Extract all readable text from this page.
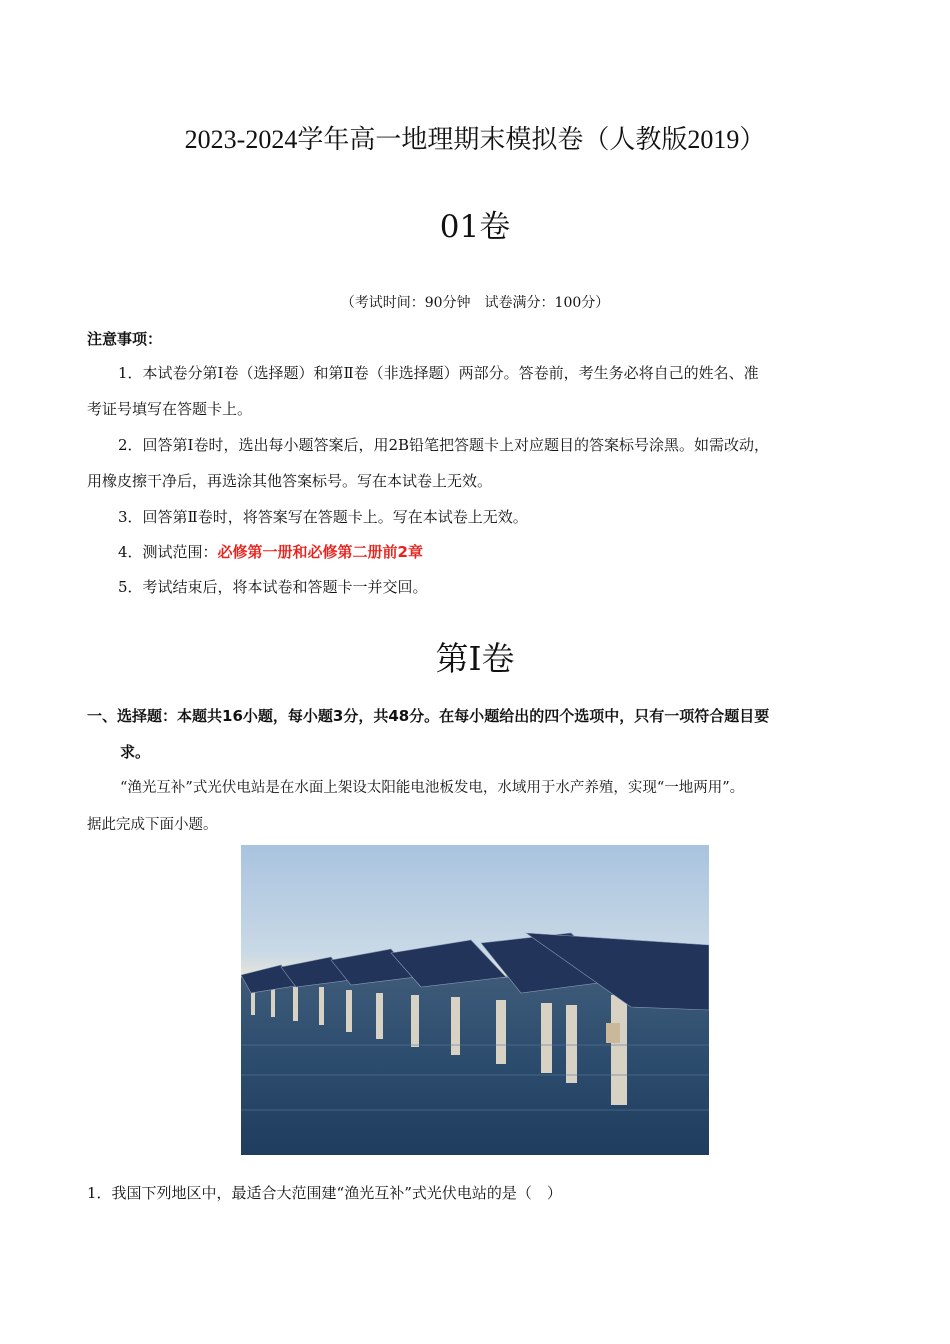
2023-2024学年高一地理期末模拟卷（人教版2019）
01卷
（考试时间：90分钟　试卷满分：100分）
注意事项：
1．本试卷分第Ⅰ卷（选择题）和第Ⅱ卷（非选择题）两部分。答卷前，考生务必将自己的姓名、准
考证号填写在答题卡上。
2．回答第Ⅰ卷时，选出每小题答案后，用2B铅笔把答题卡上对应题目的答案标号涂黑。如需改动，
用橡皮擦干净后，再选涂其他答案标号。写在本试卷上无效。
3．回答第Ⅱ卷时，将答案写在答题卡上。写在本试卷上无效。
4．测试范围：必修第一册和必修第二册前2章
5．考试结束后，将本试卷和答题卡一并交回。
第Ⅰ卷
一、选择题：本题共16小题，每小题3分，共48分。在每小题给出的四个选项中，只有一项符合题目要
求。
“渔光互补”式光伏电站是在水面上架设太阳能电池板发电，水域用于水产养殖，实现“一地两用”。
据此完成下面小题。
1．我国下列地区中，最适合大范围建“渔光互补”式光伏电站的是（　）
